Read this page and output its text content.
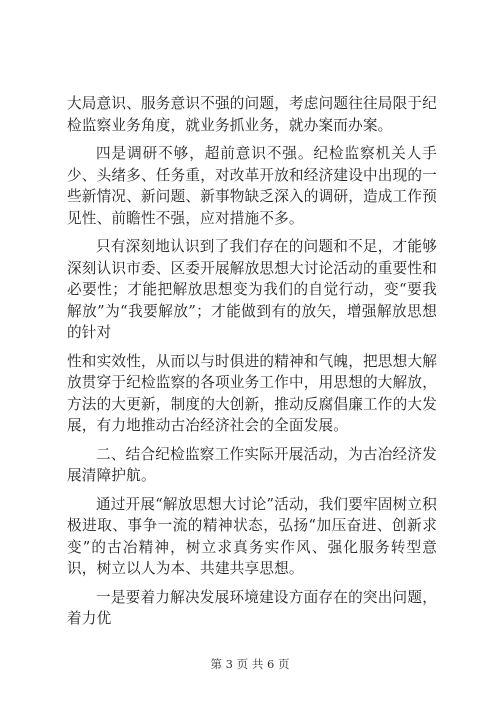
大局意识、服务意识不强的问题，考虑问题往往局限于纪检监察业务角度，就业务抓业务，就办案而办案。

四是调研不够，超前意识不强。纪检监察机关人手少、头绪多、任务重，对改革开放和经济建设中出现的一些新情况、新问题、新事物缺乏深入的调研，造成工作预见性、前瞻性不强，应对措施不多。

只有深刻地认识到了我们存在的问题和不足，才能够深刻认识市委、区委开展解放思想大讨论活动的重要性和必要性；才能把解放思想变为我们的自觉行动，变“要我解放”为“我要解放”；才能做到有的放矢，增强解放思想的针对

性和实效性，从而以与时俱进的精神和气魄，把思想大解放贯穿于纪检监察的各项业务工作中，用思想的大解放，方法的大更新，制度的大创新，推动反腐倡廉工作的大发展，有力地推动古冶经济社会的全面发展。

二、结合纪检监察工作实际开展活动，为古冶经济发展清障护航。

通过开展“解放思想大讨论”活动，我们要牢固树立积极进取、事争一流的精神状态，弘扬“加压奋进、创新求变”的古冶精神，树立求真务实作风、强化服务转型意识，树立以人为本、共建共享思想。

一是要着力解决发展环境建设方面存在的突出问题，着力优

第 3 页 共 6 页
